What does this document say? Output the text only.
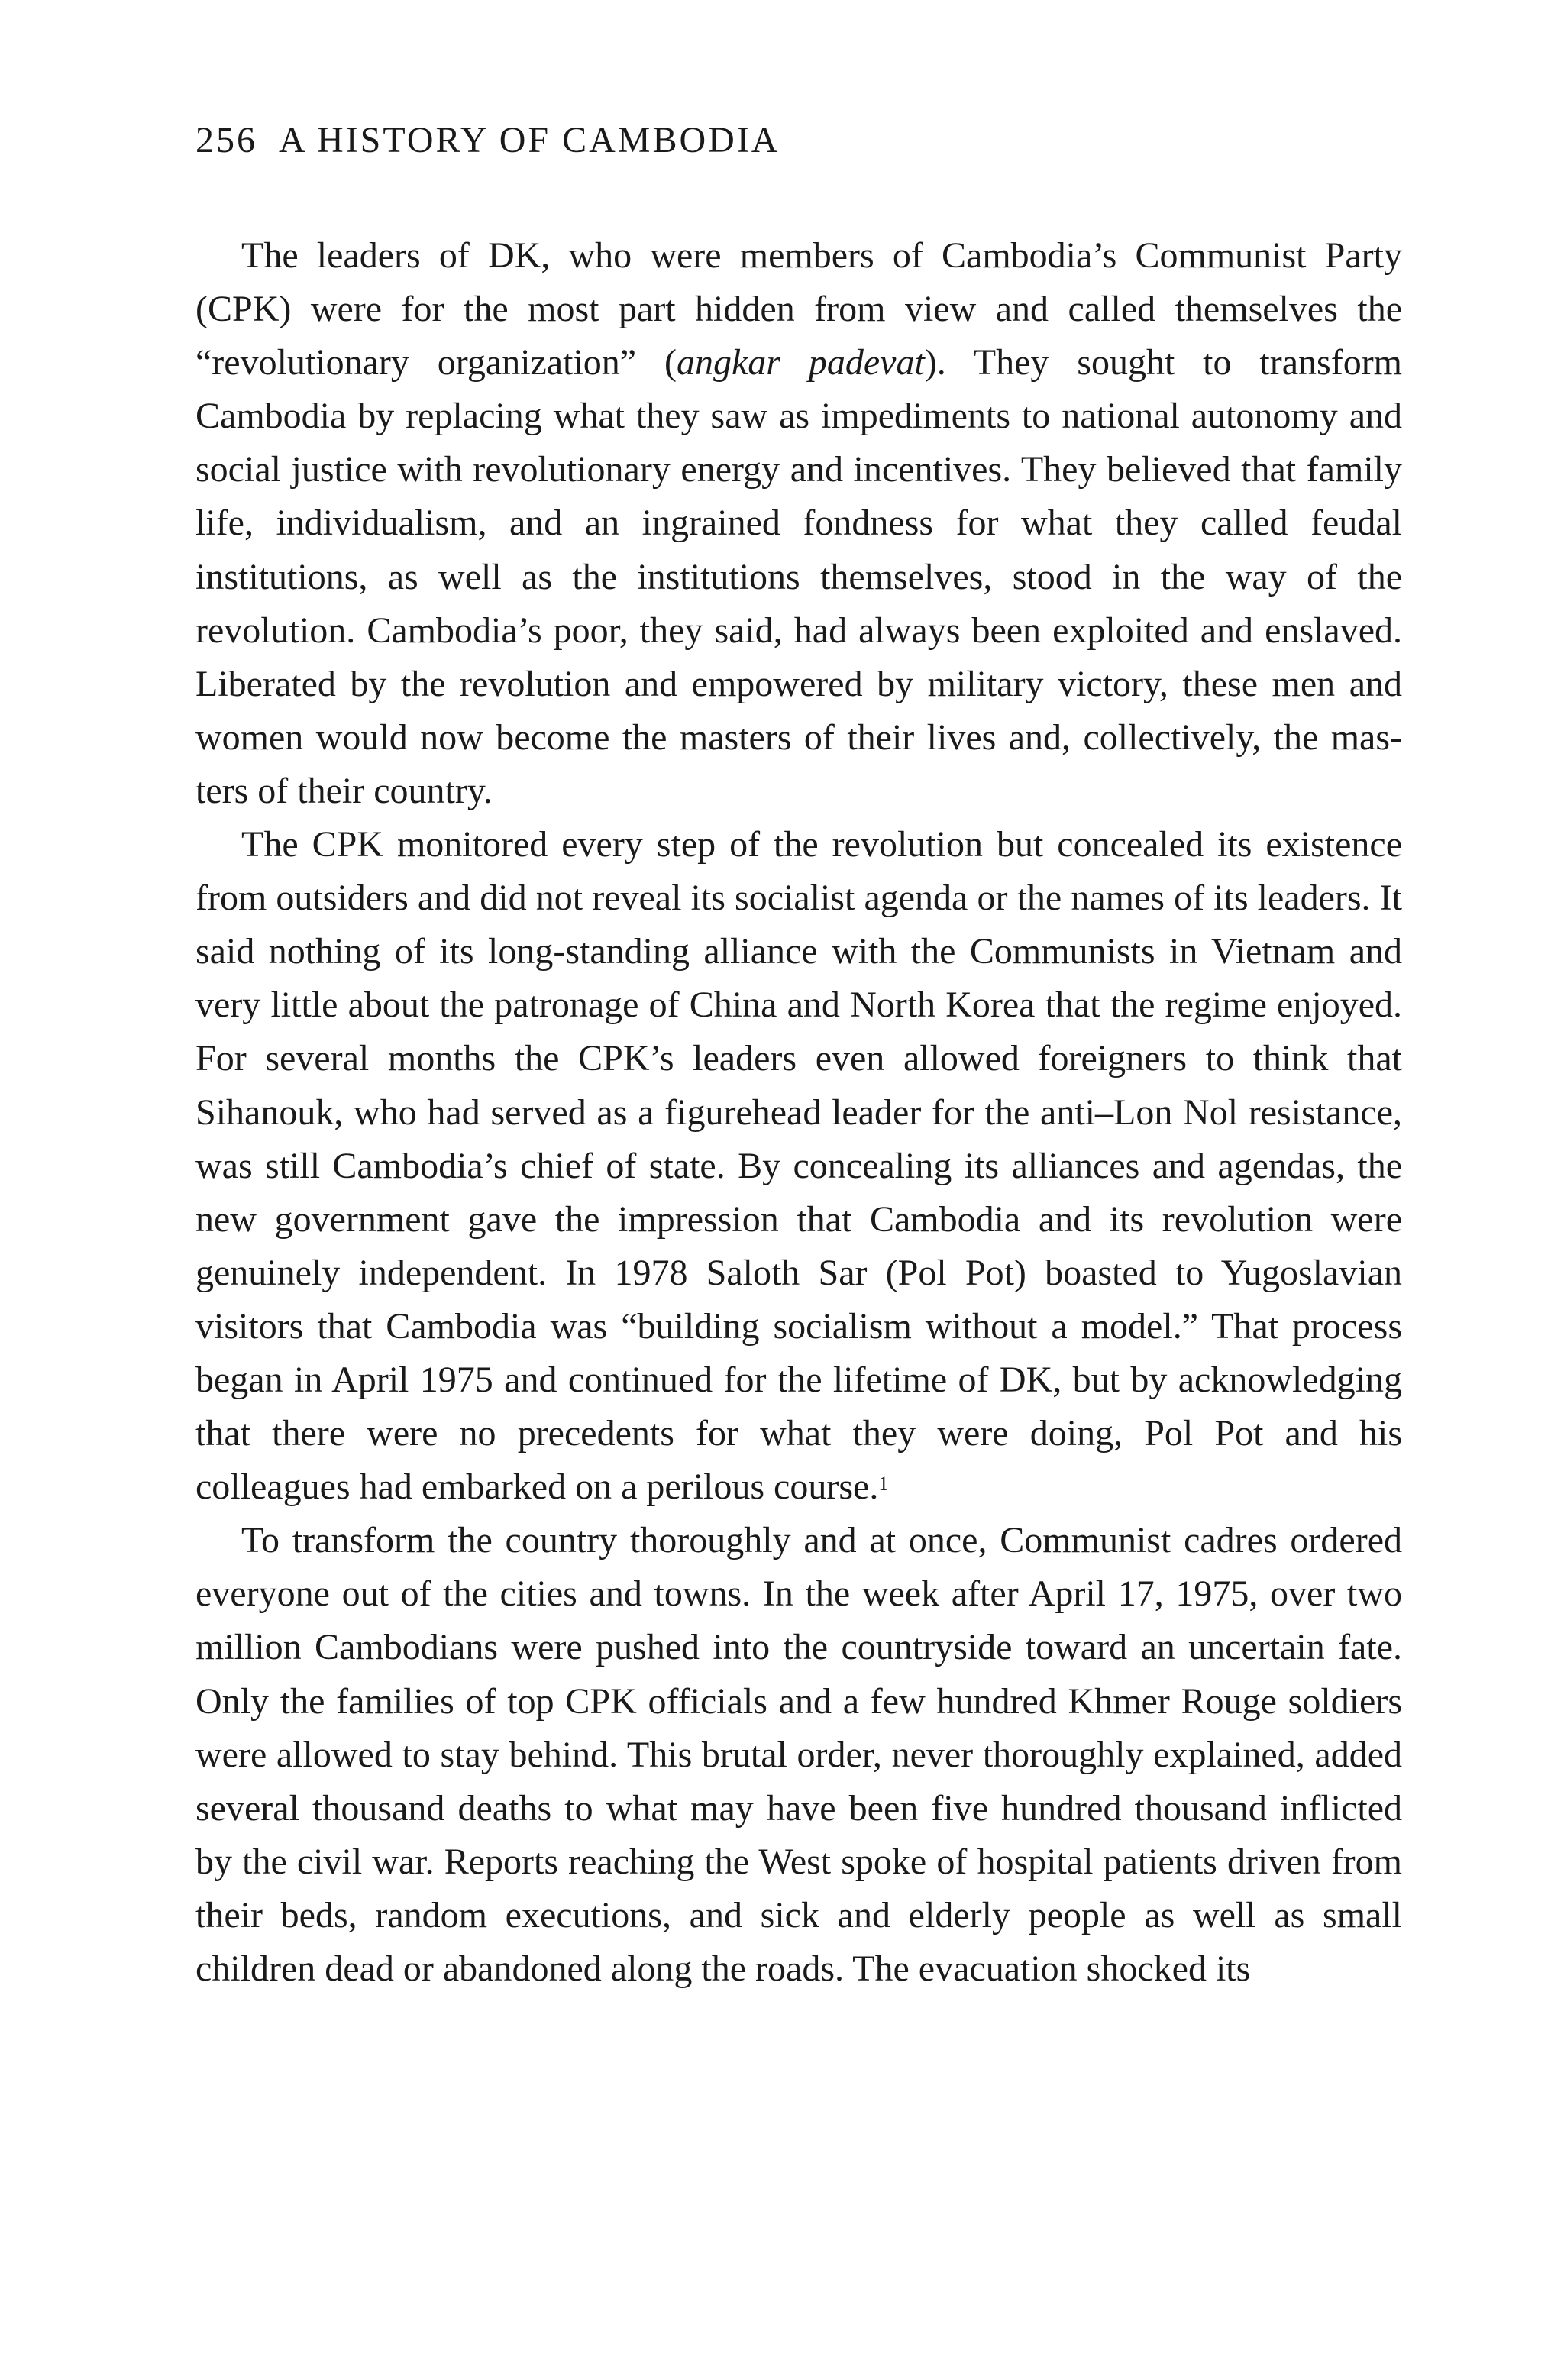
256 A HISTORY OF CAMBODIA

The leaders of DK, who were members of Cambodia’s Communist Party (CPK) were for the most part hidden from view and called themselves the “revolutionary organization” (angkar padevat). They sought to transform Cambodia by replacing what they saw as impediments to national autonomy and social justice with revolutionary energy and incentives. They believed that family life, individualism, and an ingrained fondness for what they called feudal institutions, as well as the institutions themselves, stood in the way of the revolution. Cambodia’s poor, they said, had always been exploited and enslaved. Liberated by the revolution and empowered by military victory, these men and women would now become the masters of their lives and, collectively, the masters of their country.

The CPK monitored every step of the revolution but concealed its existence from outsiders and did not reveal its socialist agenda or the names of its leaders. It said nothing of its long-standing alliance with the Communists in Vietnam and very little about the patronage of China and North Korea that the regime enjoyed. For several months the CPK’s leaders even allowed foreigners to think that Sihanouk, who had served as a figurehead leader for the anti–Lon Nol resistance, was still Cambodia’s chief of state. By concealing its alliances and agendas, the new government gave the impression that Cambodia and its revolution were genuinely independent. In 1978 Saloth Sar (Pol Pot) boasted to Yugoslavian visitors that Cambodia was “building socialism without a model.” That process began in April 1975 and continued for the lifetime of DK, but by acknowledging that there were no precedents for what they were doing, Pol Pot and his colleagues had embarked on a perilous course.$^1$

To transform the country thoroughly and at once, Communist cadres ordered everyone out of the cities and towns. In the week after April 17, 1975, over two million Cambodians were pushed into the countryside toward an uncertain fate. Only the families of top CPK officials and a few hundred Khmer Rouge soldiers were allowed to stay behind. This brutal order, never thoroughly explained, added several thousand deaths to what may have been five hundred thousand inflicted by the civil war. Reports reaching the West spoke of hospital patients driven from their beds, random executions, and sick and elderly people as well as small children dead or abandoned along the roads. The evacuation shocked its
